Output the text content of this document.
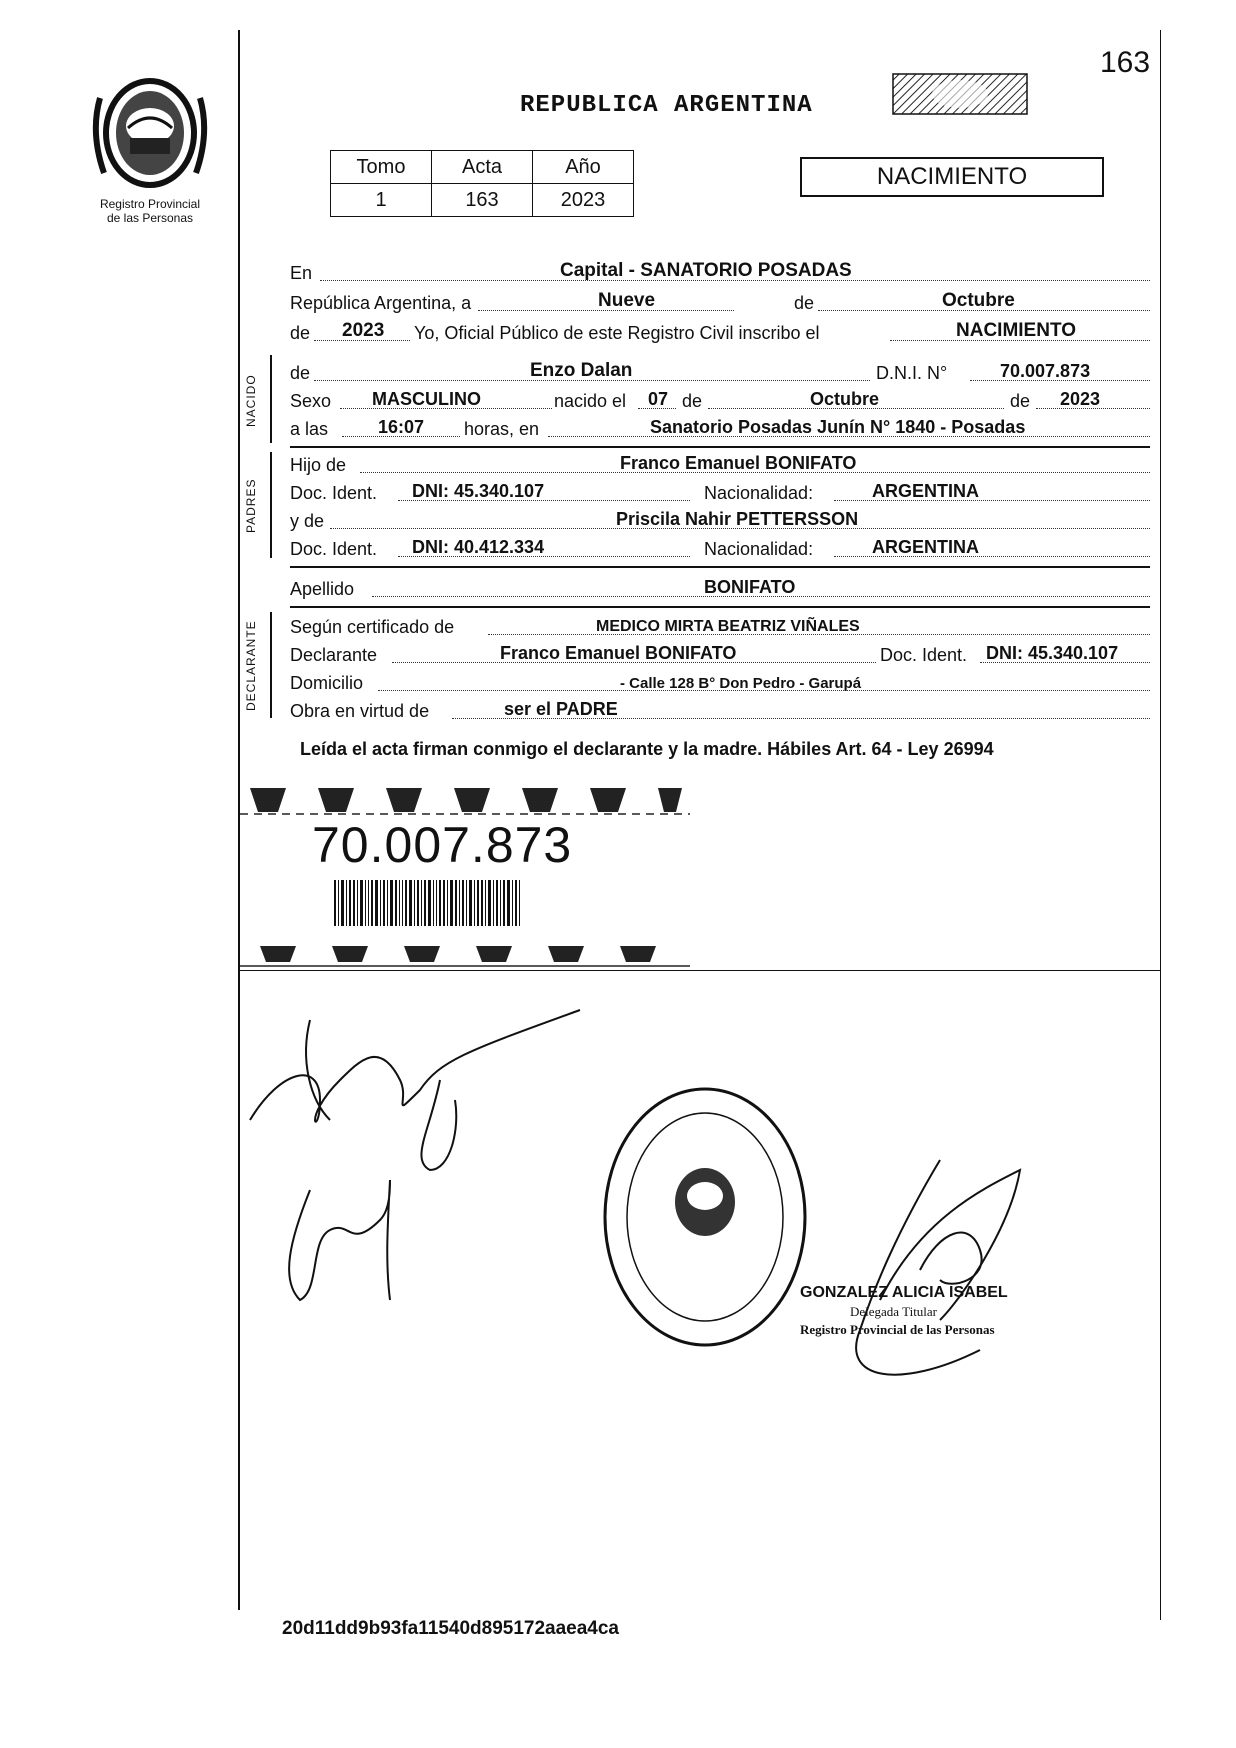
Registro Provincial
de las Personas
REPUBLICA ARGENTINA
163
Tomo	Acta	Año
1	163	2023
NACIMIENTO
En	Capital - SANATORIO POSADAS
República Argentina, a	Nueve	de	Octubre
de 2023 Yo, Oficial Público de este Registro Civil inscribo el	NACIMIENTO
NACIDO
de	Enzo Dalan	D.N.I. N°	70.007.873
Sexo MASCULINO	nacido el 07 de	Octubre	de 2023
a las	16:07 horas, en	Sanatorio Posadas Junín N° 1840 - Posadas
PADRES
Hijo de	Franco Emanuel BONIFATO
Doc. Ident. DNI: 45.340.107	Nacionalidad:	ARGENTINA
y de	Priscila Nahir PETTERSSON
Doc. Ident. DNI: 40.412.334	Nacionalidad:	ARGENTINA
Apellido	BONIFATO
DECLARANTE	Según certificado de	MEDICO MIRTA BEATRIZ VIÑALES
Declarante	Franco Emanuel BONIFATO	Doc. Ident. DNI: 45.340.107
Domicilio	- Calle 128 B° Don Pedro - Garupá
Obra en virtud de	ser el PADRE
Leída el acta firman conmigo el declarante y la madre. Hábiles Art. 64 - Ley 26994
70.007.873
GONZALEZ ALICIA ISABEL
Delegada Titular
Registro Provincial de las Personas
20d11dd9b93fa11540d895172aaea4ca
